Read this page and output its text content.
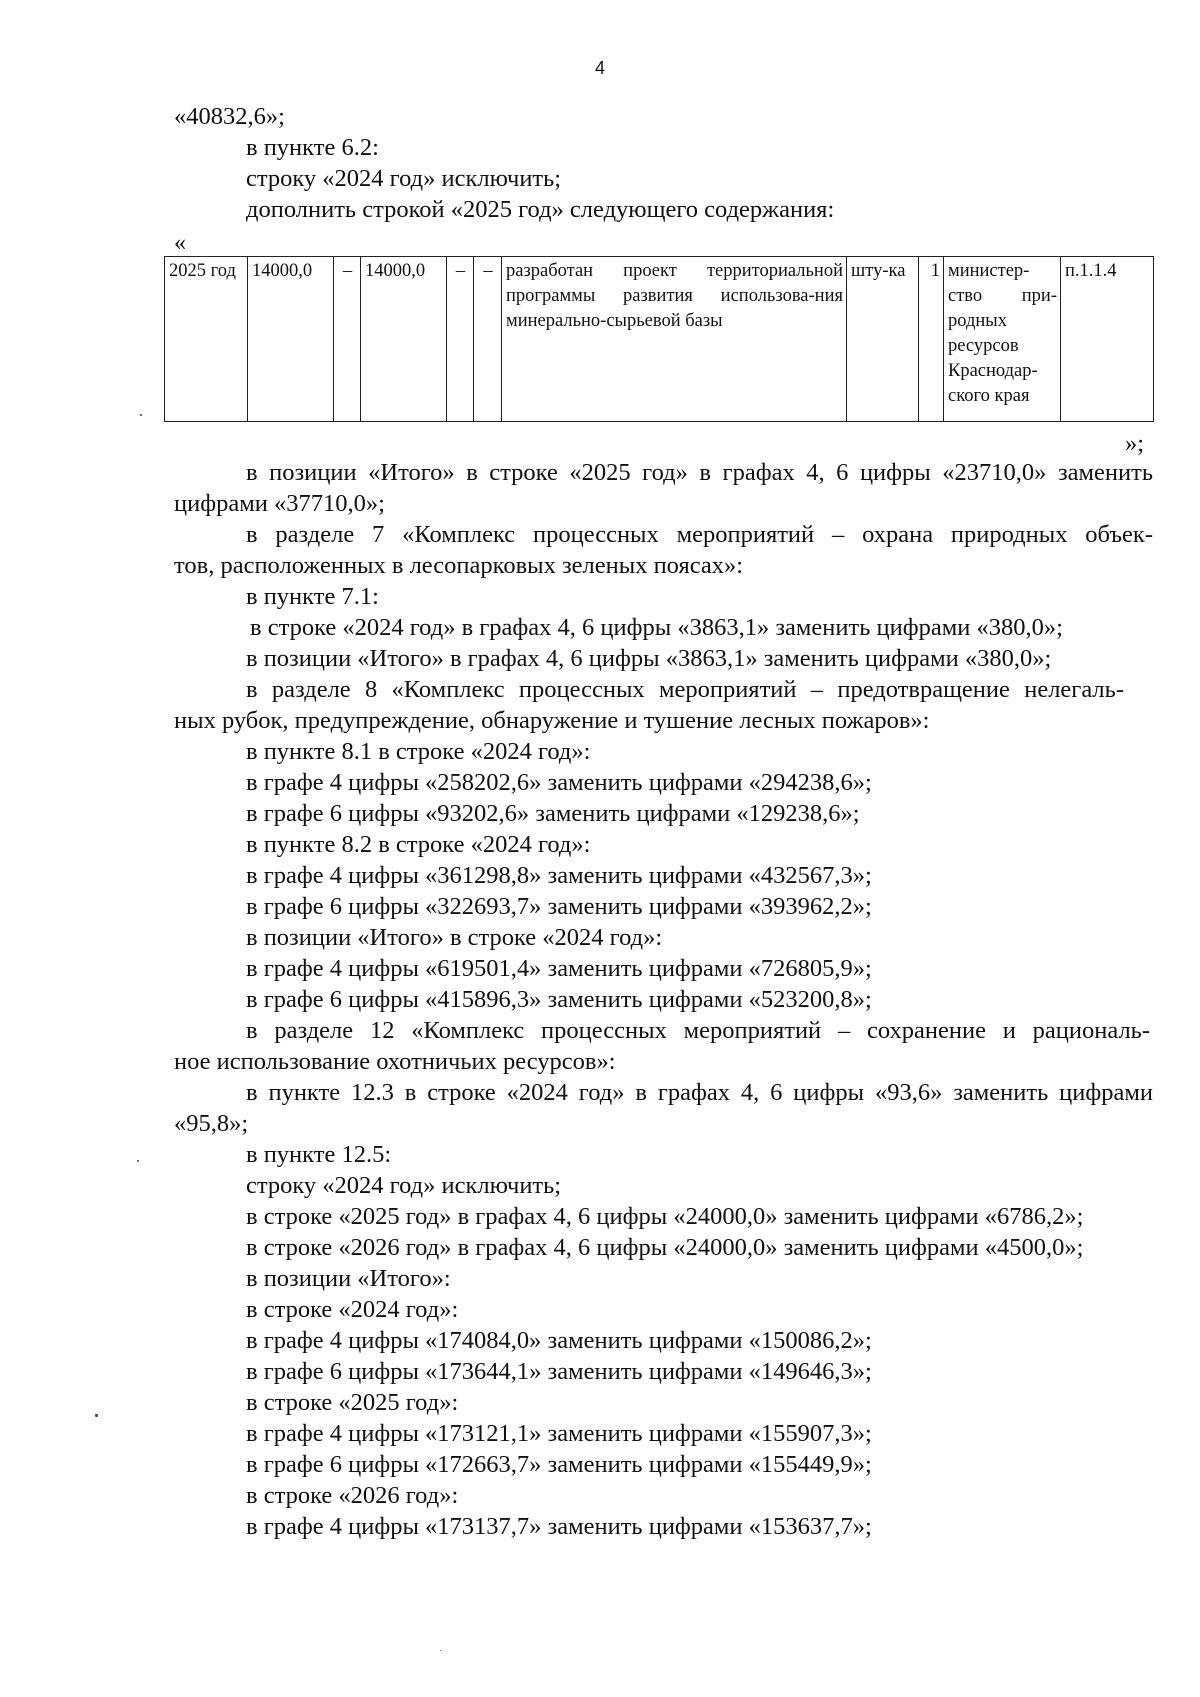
4
«40832,6»;
в пункте 6.2:
строку «2024 год» исключить;
дополнить строкой «2025 год» следующего содержания:
«
2025 год	14000,0	–	14000,0	–	–	разработан проект территориальной программы развития использова-ния минерально-сырьевой базы	шту-ка	1	министер-ство при-родных ресурсов Краснодар-ского края	п.1.1.4
»;
в позиции «Итого» в строке «2025 год» в графах 4, 6 цифры «23710,0» заменить
цифрами «37710,0»;
в разделе 7 «Комплекс процессных мероприятий – охрана природных объек-
тов, расположенных в лесопарковых зеленых поясах»:
в пункте 7.1:
в строке «2024 год» в графах 4, 6 цифры «3863,1» заменить цифрами «380,0»;
в позиции «Итого» в графах 4, 6 цифры «3863,1» заменить цифрами «380,0»;
в разделе 8 «Комплекс процессных мероприятий – предотвращение нелегаль-
ных рубок, предупреждение, обнаружение и тушение лесных пожаров»:
в пункте 8.1 в строке «2024 год»:
в графе 4 цифры «258202,6» заменить цифрами «294238,6»;
в графе 6 цифры «93202,6» заменить цифрами «129238,6»;
в пункте 8.2 в строке «2024 год»:
в графе 4 цифры «361298,8» заменить цифрами «432567,3»;
в графе 6 цифры «322693,7» заменить цифрами «393962,2»;
в позиции «Итого» в строке «2024 год»:
в графе 4 цифры «619501,4» заменить цифрами «726805,9»;
в графе 6 цифры «415896,3» заменить цифрами «523200,8»;
в разделе 12 «Комплекс процессных мероприятий – сохранение и рациональ-
ное использование охотничьих ресурсов»:
в пункте 12.3 в строке «2024 год» в графах 4, 6 цифры «93,6» заменить цифрами
«95,8»;
в пункте 12.5:
строку «2024 год» исключить;
в строке «2025 год» в графах 4, 6 цифры «24000,0» заменить цифрами «6786,2»;
в строке «2026 год» в графах 4, 6 цифры «24000,0» заменить цифрами «4500,0»;
в позиции «Итого»:
в строке «2024 год»:
в графе 4 цифры «174084,0» заменить цифрами «150086,2»;
в графе 6 цифры «173644,1» заменить цифрами «149646,3»;
в строке «2025 год»:
в графе 4 цифры «173121,1» заменить цифрами «155907,3»;
в графе 6 цифры «172663,7» заменить цифрами «155449,9»;
в строке «2026 год»:
в графе 4 цифры «173137,7» заменить цифрами «153637,7»;
